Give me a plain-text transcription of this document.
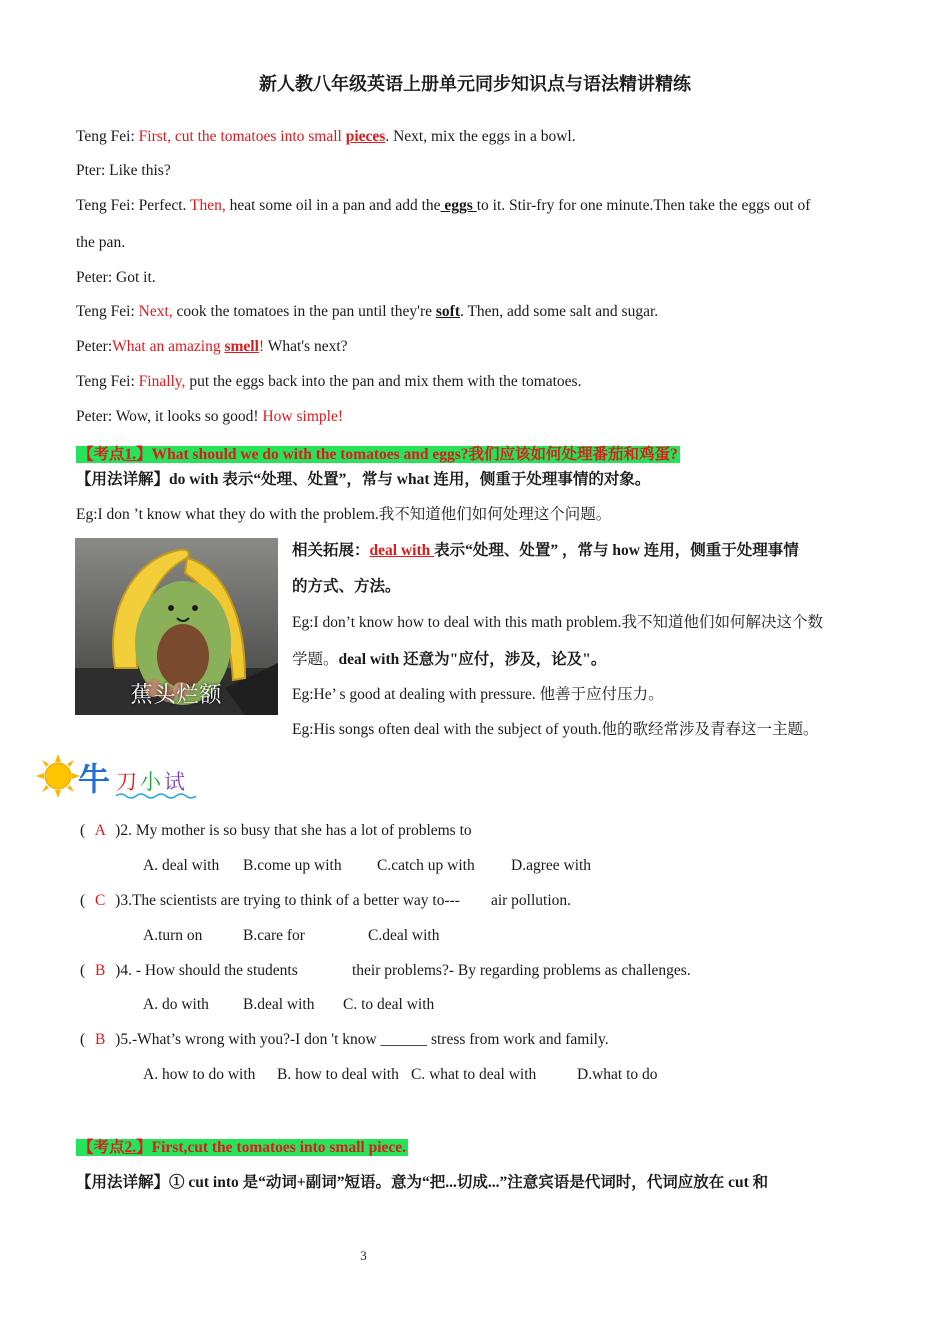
新人教八年级英语上册单元同步知识点与语法精讲精练
Teng Fei: First, cut the tomatoes into small pieces. Next, mix the eggs in a bowl.
Pter: Like this?
Teng Fei: Perfect. Then, heat some oil in a pan and add the eggs to it. Stir-fry for one minute.Then take the eggs out of
the pan.
Peter: Got it.
Teng Fei: Next, cook the tomatoes in the pan until they're soft. Then, add some salt and sugar.
Peter:What an amazing smell! What's next?
Teng Fei: Finally, put the eggs back into the pan and mix them with the tomatoes.
Peter: Wow, it looks so good! How simple!
【考点1.】What should we do with the tomatoes and eggs?我们应该如何处理番茄和鸡蛋?
【用法详解】do with 表示“处理、处置”，常与 what 连用，侧重于处理事情的对象。
Eg:I don ’t know what they do with the problem.我不知道他们如何处理这个问题。
蕉头烂额
相关拓展：deal with 表示“处理、处置” ，常与 how 连用，侧重于处理事情
的方式、方法。
Eg:I don’t know how to deal with this math problem.我不知道他们如何解决这个数
学题。deal with 还意为"应付，涉及，论及"。
Eg:He’ s good at dealing with pressure. 他善于应付压力。
Eg:His songs often deal with the subject of youth.他的歌经常涉及青春这一主题。
牛 刀 小 试
( A )2. My mother is so busy that she has a lot of problems to
A. deal with B.come up with C.catch up with D.agree with
( C )3.The scientists are trying to think of a better way to---        air pollution.
A.turn on	B.care for	C.deal with
( B )4. - How should the students              their problems?- By regarding problems as challenges.
A. do with B.deal with C. to deal with
( B )5.-What’s wrong with you?-I don 't know ______ stress from work and family.
A. how to do with B. how to deal with C. what to deal with	D.what to do
【考点2.】First,cut the tomatoes into small piece.
【用法详解】① cut into 是“动词+副词”短语。意为“把...切成...”注意宾语是代词时，代词应放在 cut 和
3
